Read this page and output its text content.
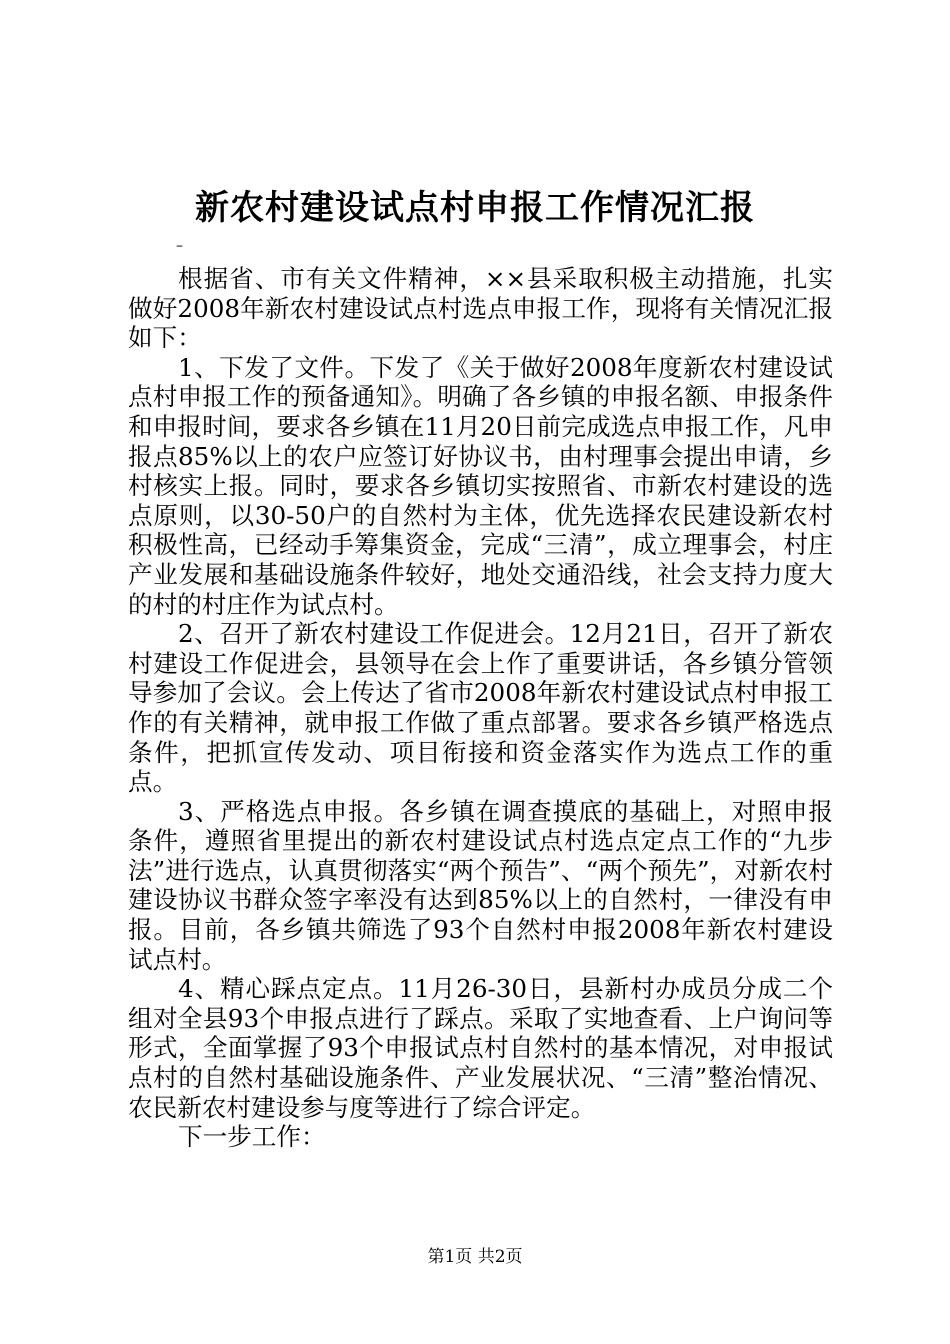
新农村建设试点村申报工作情况汇报
–

根据省、市有关文件精神，××县采取积极主动措施，扎实做好2008年新农村建设试点村选点申报工作，现将有关情况汇报如下：

1、下发了文件。下发了《关于做好2008年度新农村建设试点村申报工作的预备通知》。明确了各乡镇的申报名额、申报条件和申报时间，要求各乡镇在11月20日前完成选点申报工作，凡申报点85%以上的农户应签订好协议书，由村理事会提出申请，乡村核实上报。同时，要求各乡镇切实按照省、市新农村建设的选点原则，以30-50户的自然村为主体，优先选择农民建设新农村积极性高，已经动手筹集资金，完成“三清”，成立理事会，村庄产业发展和基础设施条件较好，地处交通沿线，社会支持力度大的村的村庄作为试点村。

2、召开了新农村建设工作促进会。12月21日，召开了新农村建设工作促进会，县领导在会上作了重要讲话，各乡镇分管领导参加了会议。会上传达了省市2008年新农村建设试点村申报工作的有关精神，就申报工作做了重点部署。要求各乡镇严格选点条件，把抓宣传发动、项目衔接和资金落实作为选点工作的重点。

3、严格选点申报。各乡镇在调查摸底的基础上，对照申报条件，遵照省里提出的新农村建设试点村选点定点工作的“九步法”进行选点，认真贯彻落实“两个预告”、“两个预先”，对新农村建设协议书群众签字率没有达到85%以上的自然村，一律没有申报。目前，各乡镇共筛选了93个自然村申报2008年新农村建设试点村。

4、精心踩点定点。11月26-30日，县新村办成员分成二个组对全县93个申报点进行了踩点。采取了实地查看、上户询问等形式，全面掌握了93个申报试点村自然村的基本情况，对申报试点村的自然村基础设施条件、产业发展状况、“三清”整治情况、农民新农村建设参与度等进行了综合评定。

下一步工作：

第1页 共2页
